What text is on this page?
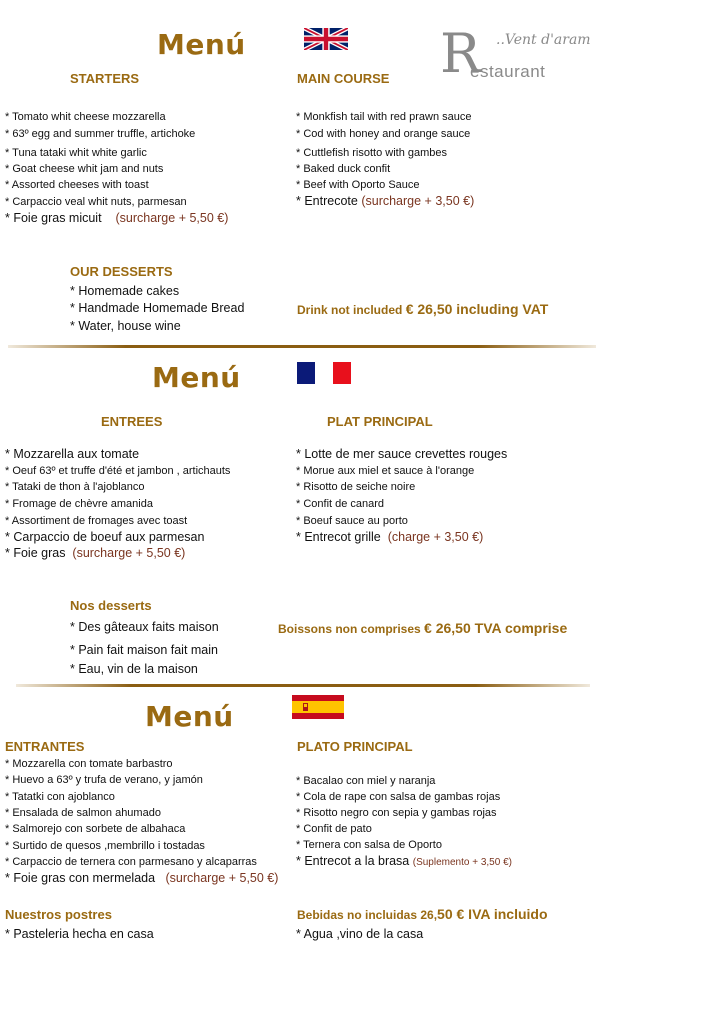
R ..Vent d'aram
estaurant
Menú
STARTERS	MAIN COURSE
* Tomato whit cheese mozzarella
* 63º egg and summer truffle, artichoke
* Tuna tataki whit white garlic
* Goat cheese whit jam and nuts
* Assorted cheeses with toast
* Carpaccio veal whit nuts, parmesan
* Foie gras micuit (surcharge + 5,50 €)
* Monkfish tail with red prawn sauce
* Cod with honey and orange sauce
* Cuttlefish risotto with gambes
* Baked duck confit
* Beef with Oporto Sauce
* Entrecote (surcharge + 3,50 €)
OUR DESSERTS
* Homemade cakes
* Handmade Homemade Bread
* Water, house wine
Drink not included € 26,50 including VAT
Menú
ENTREES	PLAT PRINCIPAL
* Mozzarella aux tomate
* Oeuf 63º et truffe d'été et jambon , artichauts
* Tataki de thon à l'ajoblanco
* Fromage de chèvre amanida
* Assortiment de fromages avec toast
* Carpaccio de boeuf aux parmesan
* Foie gras (surcharge + 5,50 €)
* Lotte de mer sauce crevettes rouges
* Morue aux miel et sauce à l'orange
* Risotto de seiche noire
* Confit de canard
* Boeuf sauce au porto
* Entrecot grille (charge + 3,50 €)
Nos desserts
* Des gâteaux faits maison
* Pain fait maison fait main
* Eau, vin de la maison
Boissons non comprises € 26,50 TVA comprise
Menú
ENTRANTES	PLATO PRINCIPAL
* Mozzarella con tomate barbastro
* Huevo a 63º y trufa de verano, y jamón
* Tatatki con ajoblanco
* Ensalada de salmon ahumado
* Salmorejo con sorbete de albahaca
* Surtido de quesos ,membrillo i tostadas
* Carpaccio de ternera con parmesano y alcaparras
* Foie gras con mermelada (surcharge + 5,50 €)
* Bacalao con miel y naranja
* Cola de rape con salsa de gambas rojas
* Risotto negro con sepia y gambas rojas
* Confit de pato
* Ternera con salsa de Oporto
* Entrecot a la brasa (Suplemento + 3,50 €)
Nuestros postres
* Pasteleria hecha en casa
Bebidas no incluidas 26,50 € IVA incluido
* Agua ,vino de la casa
